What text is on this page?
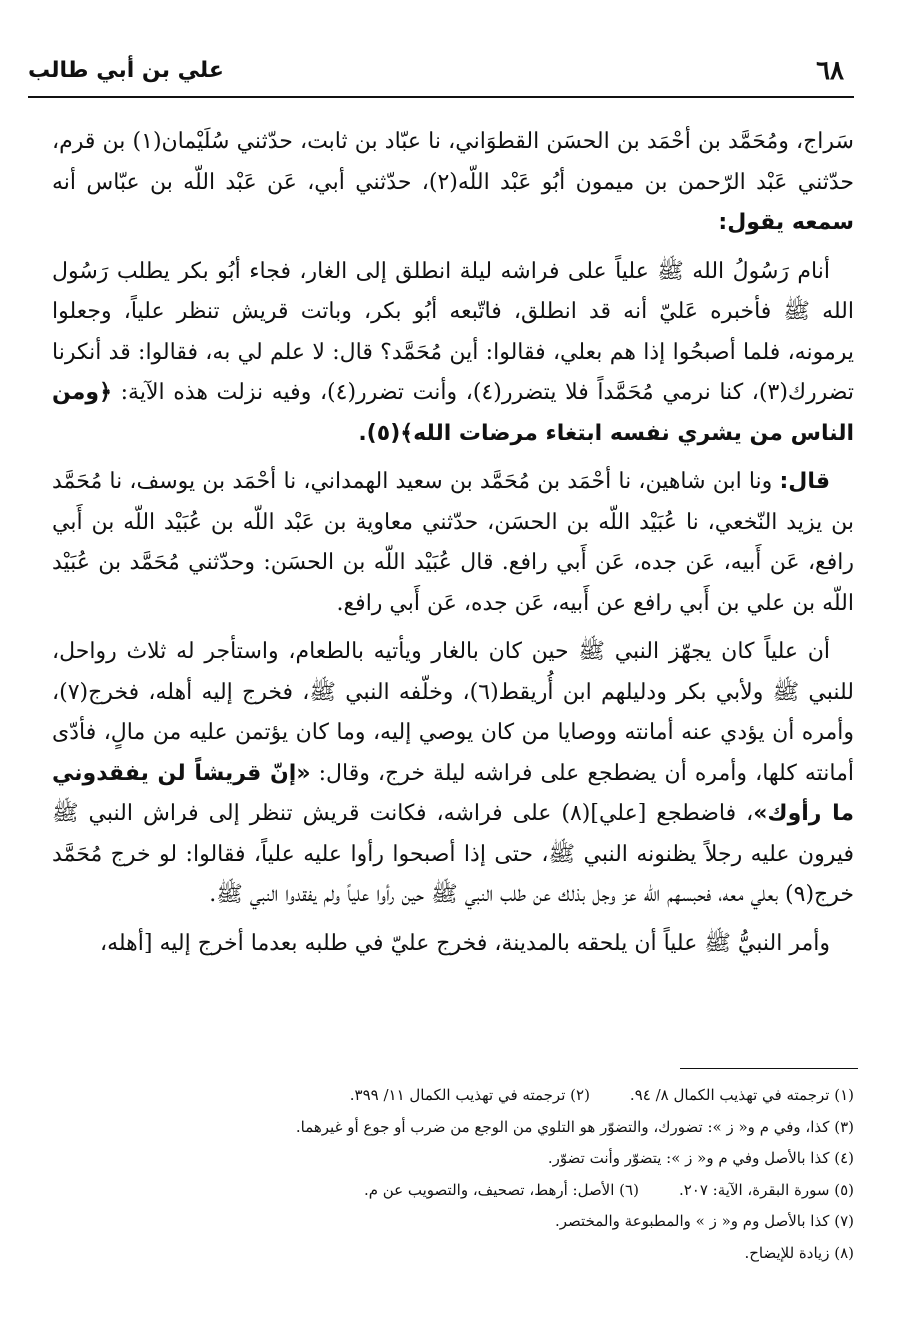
٦٨
علي بن أبي طالب

سَراج، ومُحَمَّد بن أحْمَد بن الحسَن القطوَاني، نا عبّاد بن ثابت، حدّثني سُلَيْمان(١) بن قرم، حدّثني عَبْد الرّحمن بن ميمون أبُو عَبْد اللّه(٢)، حدّثني أبي، عَن عَبْد اللّه بن عبّاس أنه سمعه يقول:

أنام رَسُولُ الله ﷺ علياً على فراشه ليلة انطلق إلى الغار، فجاء أبُو بكر يطلب رَسُول الله ﷺ فأخبره عَليّ أنه قد انطلق، فاتّبعه أبُو بكر، وباتت قريش تنظر علياً، وجعلوا يرمونه، فلما أصبحُوا إذا هم بعلي، فقالوا: أين مُحَمَّد؟ قال: لا علم لي به، فقالوا: قد أنكرنا تضررك(٣)، كنا نرمي مُحَمَّداً فلا يتضرر(٤)، وأنت تضرر(٤)، وفيه نزلت هذه الآية: ﴿ومن الناس من يشري نفسه ابتغاء مرضات الله﴾(٥).

قال: ونا ابن شاهين، نا أحْمَد بن مُحَمَّد بن سعيد الهمداني، نا أحْمَد بن يوسف، نا مُحَمَّد بن يزيد النّخعي، نا عُبَيْد اللّه بن الحسَن، حدّثني معاوية بن عَبْد اللّه بن عُبَيْد اللّه بن أَبي رافع، عَن أَبيه، عَن جده، عَن أَبي رافع. قال عُبَيْد اللّه بن الحسَن: وحدّثني مُحَمَّد بن عُبَيْد اللّه بن علي بن أَبي رافع عن أَبيه، عَن جده، عَن أَبي رافع.

أن علياً كان يجهّز النبي ﷺ حين كان بالغار ويأتيه بالطعام، واستأجر له ثلاث رواحل، للنبي ﷺ ولأبي بكر ودليلهم ابن أُريقط(٦)، وخلّفه النبي ﷺ، فخرج إليه أهله، فخرج(٧)، وأمره أن يؤدي عنه أمانته ووصايا من كان يوصي إليه، وما كان يؤتمن عليه من مالٍ، فأدّى أمانته كلها، وأمره أن يضطجع على فراشه ليلة خرج، وقال: «إنّ قريشاً لن يفقدوني ما رأوك»، فاضطجع [علي](٨) على فراشه، فكانت قريش تنظر إلى فراش النبي ﷺ فيرون عليه رجلاً يظنونه النبي ﷺ، حتى إذا أصبحوا رأوا عليه علياً، فقالوا: لو خرج مُحَمَّد خرج(٩) بعلي معه، فحبسهم الله عز وجل بذلك عن طلب النبي ﷺ حين رأوا علياً ولم يفقدوا النبي ﷺ.

وأمر النبيُّ ﷺ علياً أن يلحقه بالمدينة، فخرج عليّ في طلبه بعدما أخرج إليه [أهله،

(١) ترجمته في تهذيب الكمال ٨/ ٩٤.(٢) ترجمته في تهذيب الكمال ١١/ ٣٩٩.
(٣) كذا، وفي م و« ز »: تضورك، والتضوّر هو التلوي من الوجع من ضرب أو جوع أو غيرهما.
(٤) كذا بالأصل وفي م و« ز »: يتضوّر وأنت تضوّر.
(٥) سورة البقرة، الآية: ٢٠٧.(٦) الأصل: أرهط، تصحيف، والتصويب عن م.
(٧) كذا بالأصل وم و« ز » والمطبوعة والمختصر.
(٨) زيادة للإيضاح.
